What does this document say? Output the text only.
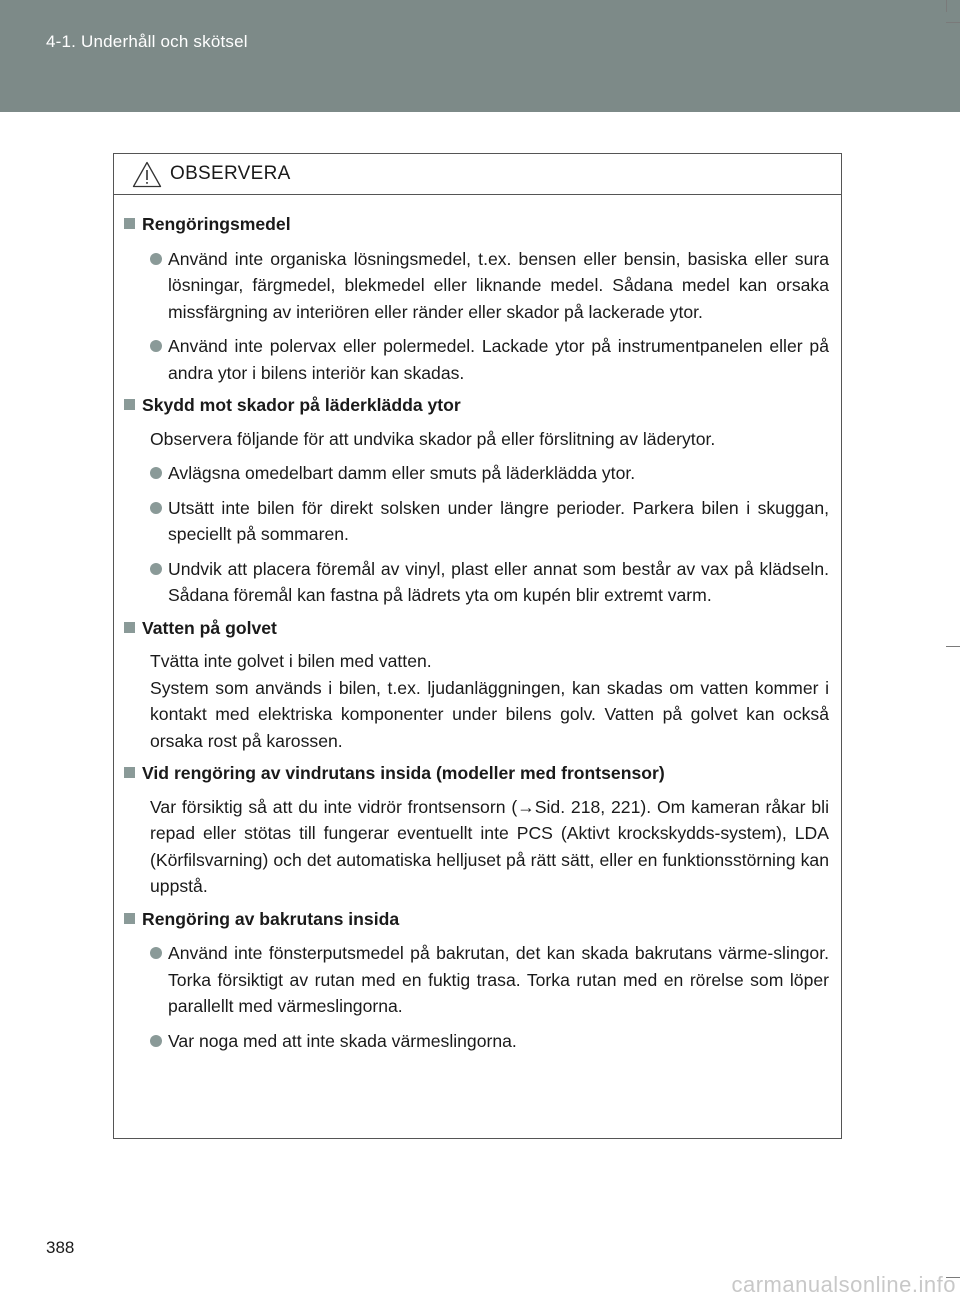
4-1. Underhåll och skötsel
OBSERVERA
Rengöringsmedel
Använd inte organiska lösningsmedel, t.ex. bensen eller bensin, basiska eller sura lösningar, färgmedel, blekmedel eller liknande medel. Sådana medel kan orsaka missfärgning av interiören eller ränder eller skador på lackerade ytor.
Använd inte polervax eller polermedel. Lackade ytor på instrumentpanelen eller på andra ytor i bilens interiör kan skadas.
Skydd mot skador på läderklädda ytor
Observera följande för att undvika skador på eller förslitning av läderytor.
Avlägsna omedelbart damm eller smuts på läderklädda ytor.
Utsätt inte bilen för direkt solsken under längre perioder. Parkera bilen i skuggan, speciellt på sommaren.
Undvik att placera föremål av vinyl, plast eller annat som består av vax på klädseln. Sådana föremål kan fastna på lädrets yta om kupén blir extremt varm.
Vatten på golvet
Tvätta inte golvet i bilen med vatten.
System som används i bilen, t.ex. ljudanläggningen, kan skadas om vatten kommer i kontakt med elektriska komponenter under bilens golv. Vatten på golvet kan också orsaka rost på karossen.
Vid rengöring av vindrutans insida (modeller med frontsensor)
Var försiktig så att du inte vidrör frontsensorn (→Sid. 218, 221). Om kameran råkar bli repad eller stötas till fungerar eventuellt inte PCS (Aktivt krockskydds-system), LDA (Körfilsvarning) och det automatiska helljuset på rätt sätt, eller en funktionsstörning kan uppstå.
Rengöring av bakrutans insida
Använd inte fönsterputsmedel på bakrutan, det kan skada bakrutans värme-slingor. Torka försiktigt av rutan med en fuktig trasa. Torka rutan med en rörelse som löper parallellt med värmeslingorna.
Var noga med att inte skada värmeslingorna.
388
carmanualsonline.info
